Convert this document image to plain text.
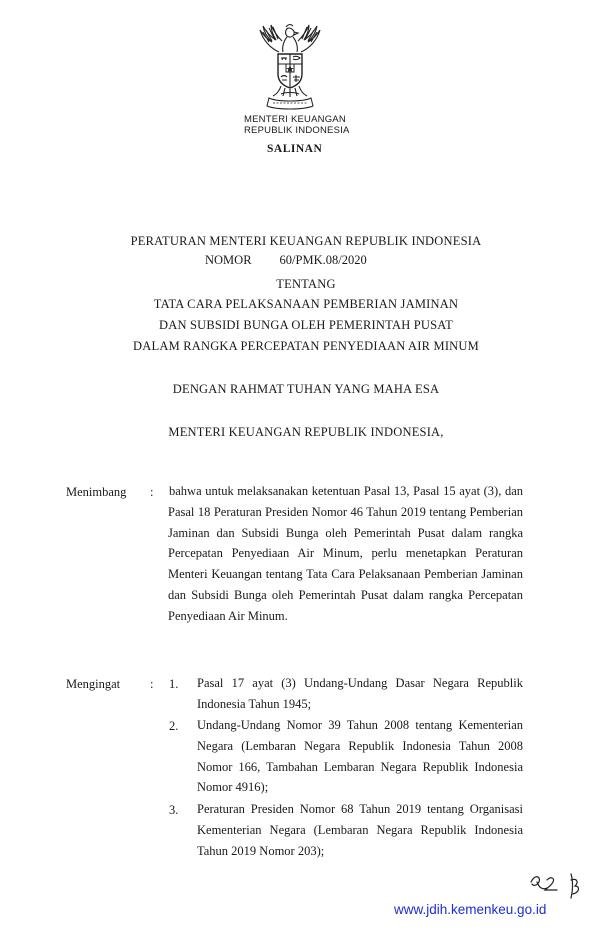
MENTERI KEUANGAN
REPUBLIK INDONESIA
SALINAN
PERATURAN MENTERI KEUANGAN REPUBLIK INDONESIA
NOMOR 60/PMK.08/2020
TENTANG
TATA CARA PELAKSANAAN PEMBERIAN JAMINAN
DAN SUBSIDI BUNGA OLEH PEMERINTAH PUSAT
DALAM RANGKA PERCEPATAN PENYEDIAAN AIR MINUM
DENGAN RAHMAT TUHAN YANG MAHA ESA
MENTERI KEUANGAN REPUBLIK INDONESIA,
Menimbang : bahwa untuk melaksanakan ketentuan Pasal 13, Pasal 15 ayat (3), dan Pasal 18 Peraturan Presiden Nomor 46 Tahun 2019 tentang Pemberian Jaminan dan Subsidi Bunga oleh Pemerintah Pusat dalam rangka Percepatan Penyediaan Air Minum, perlu menetapkan Peraturan Menteri Keuangan tentang Tata Cara Pelaksanaan Pemberian Jaminan dan Subsidi Bunga oleh Pemerintah Pusat dalam rangka Percepatan Penyediaan Air Minum.
Mengingat : 1. Pasal 17 ayat (3) Undang-Undang Dasar Negara Republik Indonesia Tahun 1945;
2. Undang-Undang Nomor 39 Tahun 2008 tentang Kementerian Negara (Lembaran Negara Republik Indonesia Tahun 2008 Nomor 166, Tambahan Lembaran Negara Republik Indonesia Nomor 4916);
3. Peraturan Presiden Nomor 68 Tahun 2019 tentang Organisasi Kementerian Negara (Lembaran Negara Republik Indonesia Tahun 2019 Nomor 203);
www.jdih.kemenkeu.go.id
